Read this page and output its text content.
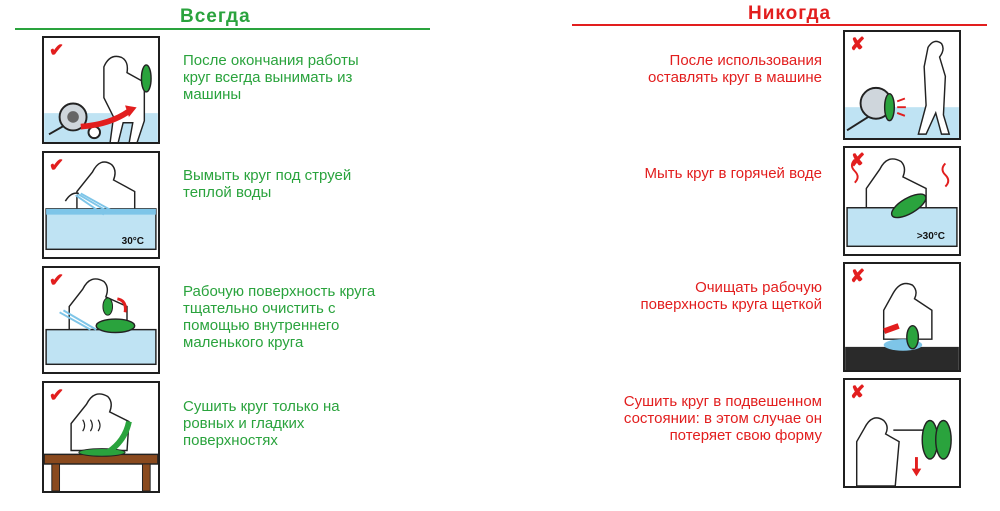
Всегда
✔
После окончания работы
круг всегда вынимать из
машины
✔
30°C
Вымыть круг под струей
теплой воды
✔
Рабочую поверхность круга
тщательно очистить с
помощью внутреннего
маленького круга
✔
Сушить круг только на
ровных и гладких
поверхностях
Никогда
✘
После использования
оставлять круг в машине
✘
>30°C
Мыть круг в горячей воде
✘
Очищать рабочую
поверхность круга щеткой
✘
Сушить круг в подвешенном
состоянии: в этом случае он
потеряет свою форму
